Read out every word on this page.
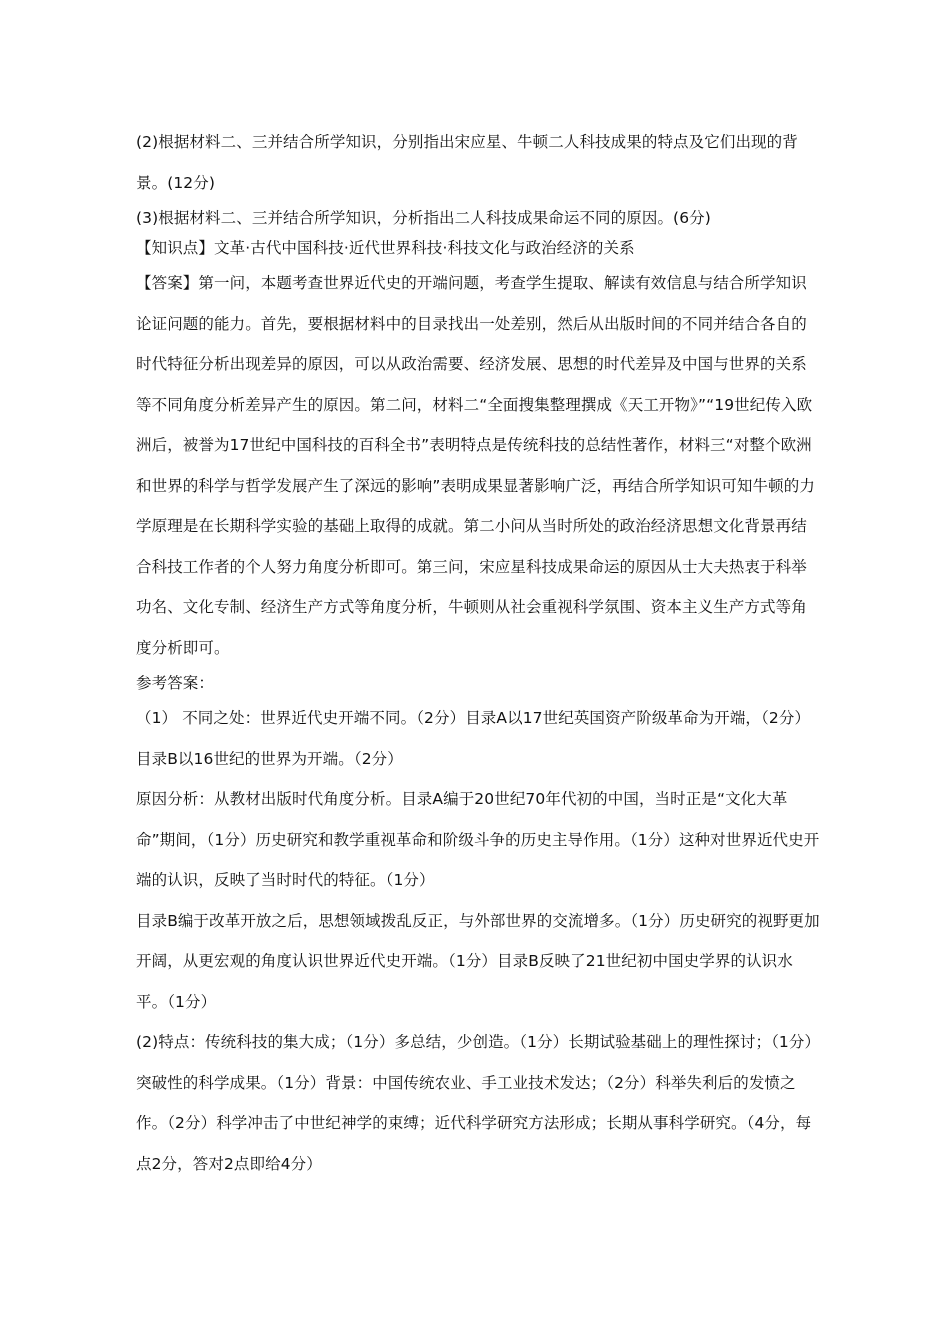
(2)根据材料二、三并结合所学知识，分别指出宋应星、牛顿二人科技成果的特点及它们出现的背景。(12分)

(3)根据材料二、三并结合所学知识，分析指出二人科技成果命运不同的原因。(6分)

【知识点】文革·古代中国科技·近代世界科技·科技文化与政治经济的关系

【答案】第一问，本题考查世界近代史的开端问题，考查学生提取、解读有效信息与结合所学知识论证问题的能力。首先，要根据材料中的目录找出一处差别，然后从出版时间的不同并结合各自的时代特征分析出现差异的原因，可以从政治需要、经济发展、思想的时代差异及中国与世界的关系等不同角度分析差异产生的原因。第二问，材料二“全面搜集整理撰成《天工开物》”“19世纪传入欧洲后，被誉为17世纪中国科技的百科全书”表明特点是传统科技的总结性著作，材料三“对整个欧洲和世界的科学与哲学发展产生了深远的影响”表明成果显著影响广泛，再结合所学知识可知牛顿的力学原理是在长期科学实验的基础上取得的成就。第二小问从当时所处的政治经济思想文化背景再结合科技工作者的个人努力角度分析即可。第三问，宋应星科技成果命运的原因从士大夫热衷于科举功名、文化专制、经济生产方式等角度分析，牛顿则从社会重视科学氛围、资本主义生产方式等角度分析即可。

参考答案：

（1） 不同之处：世界近代史开端不同。（2分）目录A以17世纪英国资产阶级革命为开端，（2分）目录B以16世纪的世界为开端。（2分）

原因分析：从教材出版时代角度分析。目录A编于20世纪70年代初的中国，当时正是“文化大革命”期间，（1分）历史研究和教学重视革命和阶级斗争的历史主导作用。（1分）这种对世界近代史开端的认识，反映了当时时代的特征。（1分）

目录B编于改革开放之后，思想领域拨乱反正，与外部世界的交流增多。（1分）历史研究的视野更加开阔，从更宏观的角度认识世界近代史开端。（1分）目录B反映了21世纪初中国史学界的认识水平。（1分）

(2)特点：传统科技的集大成；（1分）多总结，少创造。（1分）长期试验基础上的理性探讨；（1分）突破性的科学成果。（1分）背景：中国传统农业、手工业技术发达；（2分）科举失利后的发愤之作。（2分）科学冲击了中世纪神学的束缚；近代科学研究方法形成；长期从事科学研究。（4分，每点2分，答对2点即给4分）
